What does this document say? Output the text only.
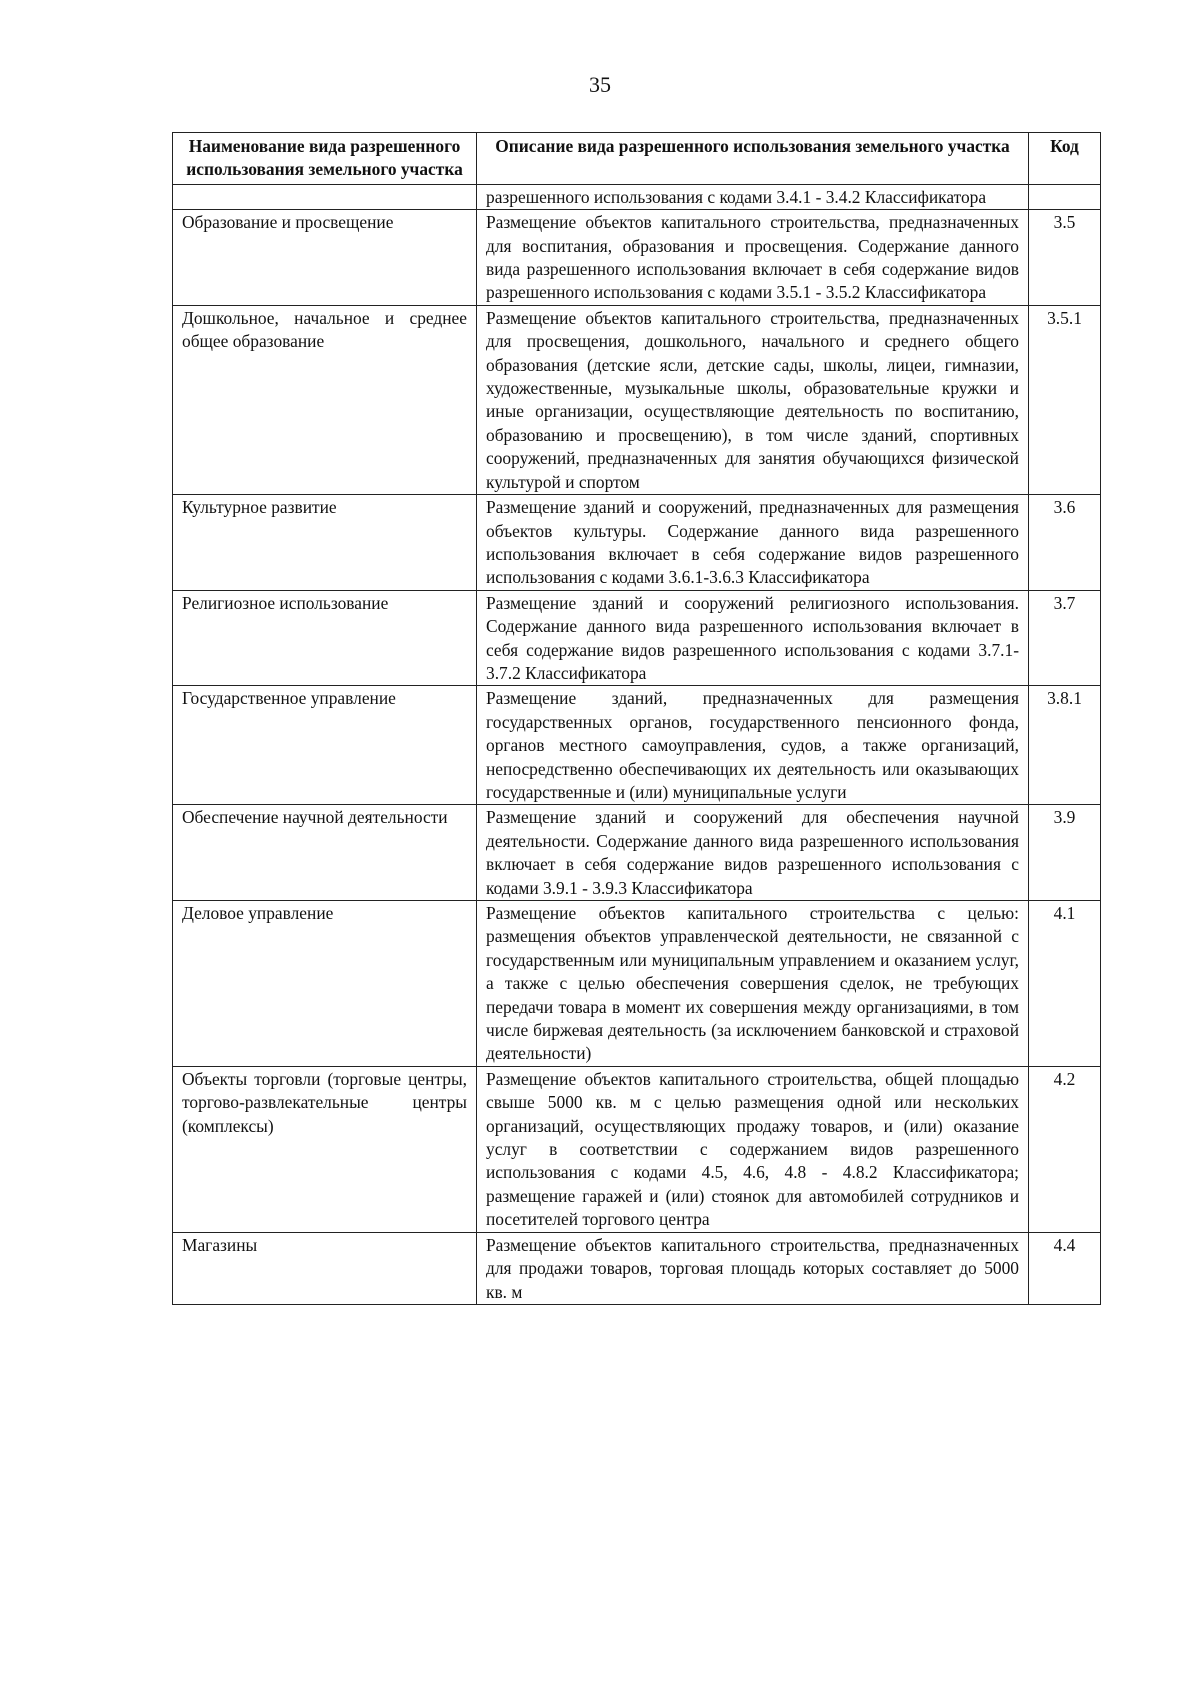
35
Наименование вида разрешенного использования земельного участка	Описание вида разрешенного использования земельного участка	Код
	разрешенного использования с кодами 3.4.1 - 3.4.2 Классификатора	
Образование и просвещение	Размещение объектов капитального строительства, предназначенных для воспитания, образования и просвещения. Содержание данного вида разрешенного использования включает в себя содержание видов разрешенного использования с кодами 3.5.1 - 3.5.2 Классификатора	3.5
Дошкольное, начальное и среднее общее образование	Размещение объектов капитального строительства, предназначенных для просвещения, дошкольного, начального и среднего общего образования (детские ясли, детские сады, школы, лицеи, гимназии, художественные, музыкальные школы, образовательные кружки и иные организации, осуществляющие деятельность по воспитанию, образованию и просвещению), в том числе зданий, спортивных сооружений, предназначенных для занятия обучающихся физической культурой и спортом	3.5.1
Культурное развитие	Размещение зданий и сооружений, предназначенных для размещения объектов культуры. Содержание данного вида разрешенного использования включает в себя содержание видов разрешенного использования с кодами 3.6.1-3.6.3 Классификатора	3.6
Религиозное использование	Размещение зданий и сооружений религиозного использования. Содержание данного вида разрешенного использования включает в себя содержание видов разрешенного использования с кодами 3.7.1-3.7.2 Классификатора	3.7
Государственное управление	Размещение зданий, предназначенных для размещения государственных органов, государственного пенсионного фонда, органов местного самоуправления, судов, а также организаций, непосредственно обеспечивающих их деятельность или оказывающих государственные и (или) муниципальные услуги	3.8.1
Обеспечение научной деятельности	Размещение зданий и сооружений для обеспечения научной деятельности. Содержание данного вида разрешенного использования включает в себя содержание видов разрешенного использования с кодами 3.9.1 - 3.9.3 Классификатора	3.9
Деловое управление	Размещение объектов капитального строительства с целью: размещения объектов управленческой деятельности, не связанной с государственным или муниципальным управлением и оказанием услуг, а также с целью обеспечения совершения сделок, не требующих передачи товара в момент их совершения между организациями, в том числе биржевая деятельность (за исключением банковской и страховой деятельности)	4.1
Объекты торговли (торговые центры, торгово-развлекательные центры (комплексы)	Размещение объектов капитального строительства, общей площадью свыше 5000 кв. м с целью размещения одной или нескольких организаций, осуществляющих продажу товаров, и (или) оказание услуг в соответствии с содержанием видов разрешенного использования с кодами 4.5, 4.6, 4.8 - 4.8.2 Классификатора; размещение гаражей и (или) стоянок для автомобилей сотрудников и посетителей торгового центра	4.2
Магазины	Размещение объектов капитального строительства, предназначенных для продажи товаров, торговая площадь которых составляет до 5000 кв. м	4.4
